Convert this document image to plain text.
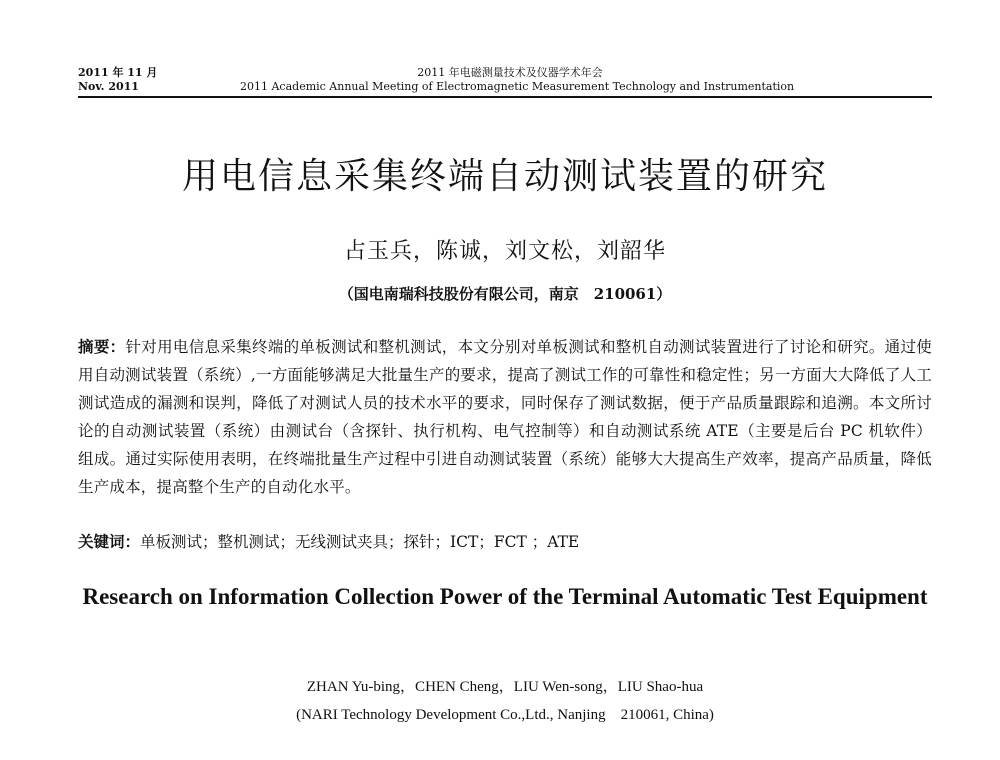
2011 年 11 月
Nov. 2011
2011 年电磁测量技术及仪器学术年会
2011 Academic Annual Meeting of Electromagnetic Measurement Technology and Instrumentation
用电信息采集终端自动测试装置的研究
占玉兵，陈诚，刘文松，刘韶华
（国电南瑞科技股份有限公司，南京　210061）
摘要：针对用电信息采集终端的单板测试和整机测试，本文分别对单板测试和整机自动测试装置进行了讨论和研究。通过使用自动测试装置（系统）,一方面能够满足大批量生产的要求，提高了测试工作的可靠性和稳定性；另一方面大大降低了人工测试造成的漏测和误判，降低了对测试人员的技术水平的要求，同时保存了测试数据，便于产品质量跟踪和追溯。本文所讨论的自动测试装置（系统）由测试台（含探针、执行机构、电气控制等）和自动测试系统 ATE（主要是后台 PC 机软件）组成。通过实际使用表明，在终端批量生产过程中引进自动测试装置（系统）能够大大提高生产效率，提高产品质量，降低生产成本，提高整个生产的自动化水平。
关键词：单板测试；整机测试；无线测试夹具；探针；ICT；FCT ；ATE
Research on Information Collection Power of the Terminal Automatic Test Equipment
ZHAN Yu-bing，CHEN Cheng，LIU Wen-song，LIU Shao-hua
(NARI Technology Development Co.,Ltd., Nanjing　210061, China)
